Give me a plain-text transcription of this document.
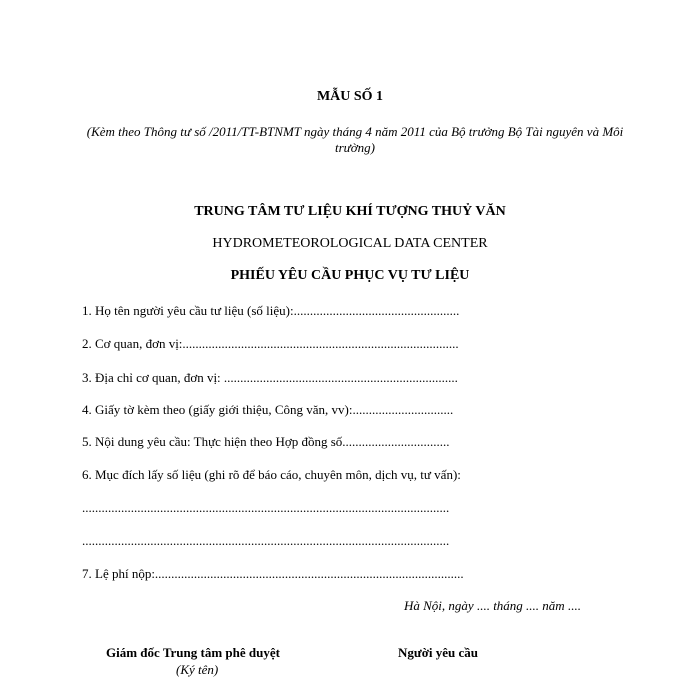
MẪU SỐ 1
(Kèm theo Thông tư số /2011/TT-BTNMT ngày tháng 4 năm 2011 của Bộ trưởng Bộ Tài nguyên và Môi trường)
TRUNG TÂM TƯ LIỆU KHÍ TƯỢNG THUỶ VĂN
HYDROMETEOROLOGICAL DATA CENTER
PHIẾU YÊU CẦU PHỤC VỤ TƯ LIỆU
1. Họ tên người yêu cầu tư liệu (số liệu):...................................................
2. Cơ quan, đơn vị:.....................................................................................
3. Địa chỉ cơ quan, đơn vị: ........................................................................
4. Giấy tờ kèm theo (giấy giới thiệu, Công văn, vv):...............................
5. Nội dung yêu cầu: Thực hiện theo Hợp đồng số.................................
6. Mục đích lấy số liệu (ghi rõ để báo cáo, chuyên môn, dịch vụ, tư vấn):
.................................................................................................................
.................................................................................................................
7. Lệ phí nộp:...............................................................................................
Hà Nội, ngày .... tháng .... năm ....
Giám đốc Trung tâm phê duyệt
(Ký tên)
Người yêu cầu
